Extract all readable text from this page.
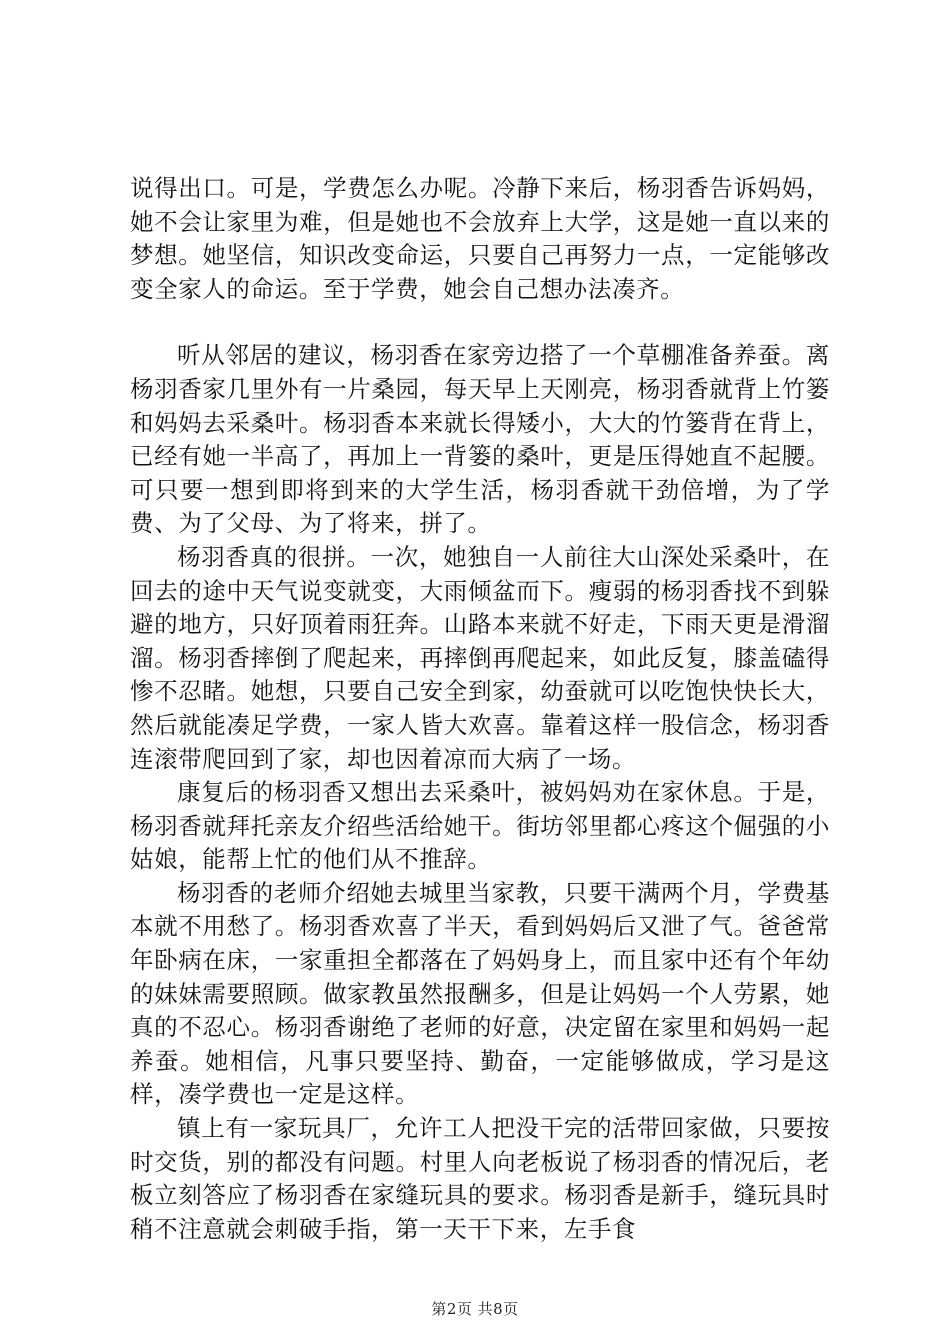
说得出口。可是，学费怎么办呢。冷静下来后，杨羽香告诉妈妈，她不会让家里为难，但是她也不会放弃上大学，这是她一直以来的梦想。她坚信，知识改变命运，只要自己再努力一点，一定能够改变全家人的命运。至于学费，她会自己想办法凑齐。

听从邻居的建议，杨羽香在家旁边搭了一个草棚准备养蚕。离杨羽香家几里外有一片桑园，每天早上天刚亮，杨羽香就背上竹篓和妈妈去采桑叶。杨羽香本来就长得矮小，大大的竹篓背在背上，已经有她一半高了，再加上一背篓的桑叶，更是压得她直不起腰。可只要一想到即将到来的大学生活，杨羽香就干劲倍增，为了学费、为了父母、为了将来，拼了。

杨羽香真的很拼。一次，她独自一人前往大山深处采桑叶，在回去的途中天气说变就变，大雨倾盆而下。瘦弱的杨羽香找不到躲避的地方，只好顶着雨狂奔。山路本来就不好走，下雨天更是滑溜溜。杨羽香摔倒了爬起来，再摔倒再爬起来，如此反复，膝盖磕得惨不忍睹。她想，只要自己安全到家，幼蚕就可以吃饱快快长大，然后就能凑足学费，一家人皆大欢喜。靠着这样一股信念，杨羽香连滚带爬回到了家，却也因着凉而大病了一场。

康复后的杨羽香又想出去采桑叶，被妈妈劝在家休息。于是，杨羽香就拜托亲友介绍些活给她干。街坊邻里都心疼这个倔强的小姑娘，能帮上忙的他们从不推辞。

杨羽香的老师介绍她去城里当家教，只要干满两个月，学费基本就不用愁了。杨羽香欢喜了半天，看到妈妈后又泄了气。爸爸常年卧病在床，一家重担全都落在了妈妈身上，而且家中还有个年幼的妹妹需要照顾。做家教虽然报酬多，但是让妈妈一个人劳累，她真的不忍心。杨羽香谢绝了老师的好意，决定留在家里和妈妈一起养蚕。她相信，凡事只要坚持、勤奋，一定能够做成，学习是这样，凑学费也一定是这样。

镇上有一家玩具厂，允许工人把没干完的活带回家做，只要按时交货，别的都没有问题。村里人向老板说了杨羽香的情况后，老板立刻答应了杨羽香在家缝玩具的要求。杨羽香是新手，缝玩具时稍不注意就会刺破手指，第一天干下来，左手食

第2页 共8页
